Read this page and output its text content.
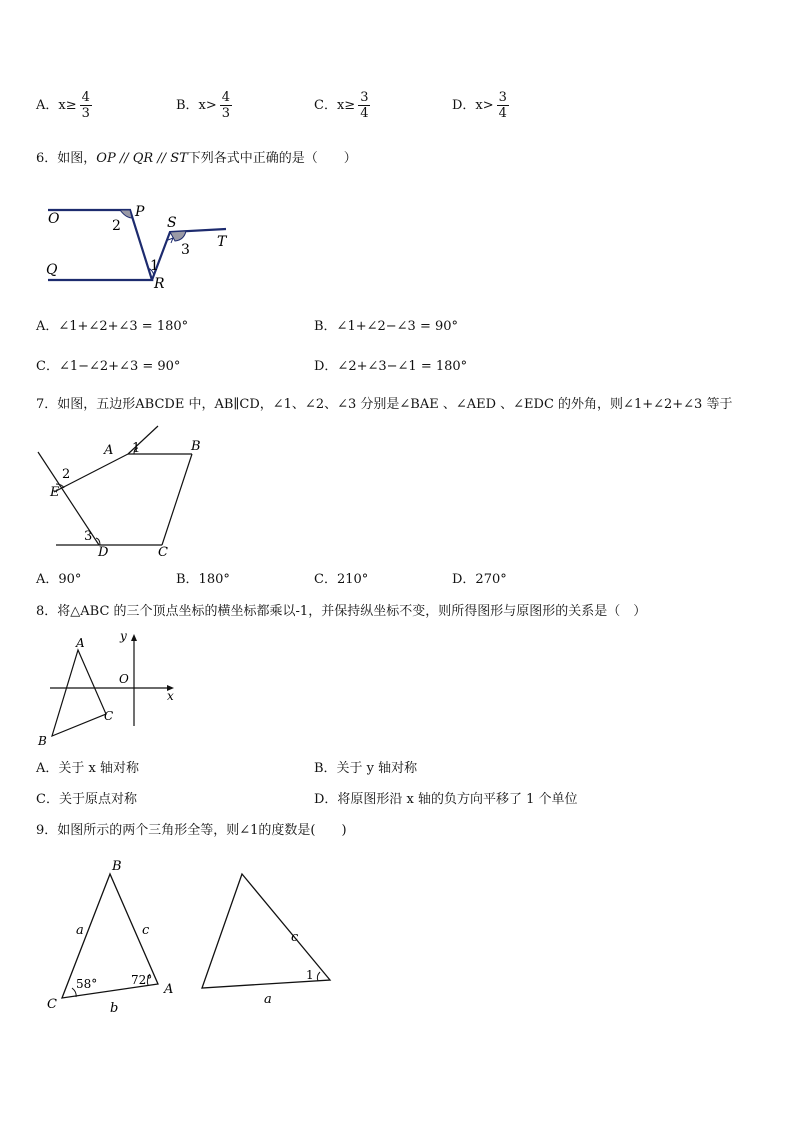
A．$x\ge \frac{4}{3}$	B．$x> \frac{4}{3}$	C．$x\ge \frac{3}{4}$	D．$x> \frac{3}{4}$
6．如图，OP // QR // ST下列各式中正确的是（　　）
O	P
2	S
3 T
Q	1
R
A．∠1+∠2+∠3 = 180°	B．∠1+∠2−∠3 = 90°
C．∠1−∠2+∠3 = 90°	D．∠2+∠3−∠1 = 180°
7．如图，五边形ABCDE 中，AB∥CD，∠1、∠2、∠3 分别是∠BAE 、∠AED 、∠EDC 的外角，则∠1+∠2+∠3 等于
A 1	B
2
E
3
D	C
A．90°	B．180°	C．210°	D．270°
8．将△ABC 的三个顶点坐标的横坐标都乘以-1，并保持纵坐标不变，则所得图形与原图形的关系是（　）
y
O
x
A
C
B
A．关于 x 轴对称	B．关于 y 轴对称
C．关于原点对称	D．将原图形沿 x 轴的负方向平移了 1 个单位
9．如图所示的两个三角形全等，则∠1的度数是(　　)
B
a	c
58°	72°
C
A
b
c
a
1
